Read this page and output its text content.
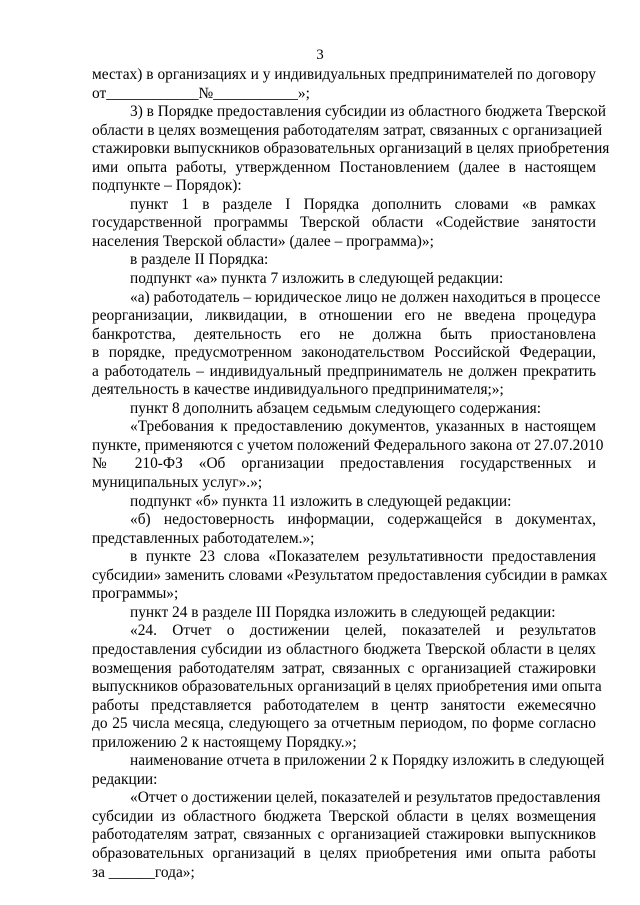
3
местах) в организациях и у индивидуальных предпринимателей по договору
от____________№___________»;
3) в Порядке предоставления субсидии из областного бюджета Тверской
области в целях возмещения работодателям затрат, связанных с организацией
стажировки выпускников образовательных организаций в целях приобретения
ими опыта работы, утвержденном Постановлением (далее в настоящем
подпункте – Порядок):
пункт 1 в разделе I Порядка дополнить словами «в рамках
государственной программы Тверской области «Содействие занятости
населения Тверской области» (далее – программа)»;
в разделе II Порядка:
подпункт «а» пункта 7 изложить в следующей редакции:
«а) работодатель – юридическое лицо не должен находиться в процессе
реорганизации, ликвидации, в отношении его не введена процедура
банкротства, деятельность его не должна быть приостановлена
в порядке, предусмотренном законодательством Российской Федерации,
а работодатель – индивидуальный предприниматель не должен прекратить
деятельность в качестве индивидуального предпринимателя;»;
пункт 8 дополнить абзацем седьмым следующего содержания:
«Требования к предоставлению документов, указанных в настоящем
пункте, применяются с учетом положений Федерального закона от 27.07.2010
№ 210-ФЗ «Об организации предоставления государственных и
муниципальных услуг».»;
подпункт «б» пункта 11 изложить в следующей редакции:
«б) недостоверность информации, содержащейся в документах,
представленных работодателем.»;
в пункте 23 слова «Показателем результативности предоставления
субсидии» заменить словами «Результатом предоставления субсидии в рамках
программы»;
пункт 24 в разделе III Порядка изложить в следующей редакции:
«24. Отчет о достижении целей, показателей и результатов
предоставления субсидии из областного бюджета Тверской области в целях
возмещения работодателям затрат, связанных с организацией стажировки
выпускников образовательных организаций в целях приобретения ими опыта
работы представляется работодателем в центр занятости ежемесячно
до 25 числа месяца, следующего за отчетным периодом, по форме согласно
приложению 2 к настоящему Порядку.»;
наименование отчета в приложении 2 к Порядку изложить в следующей
редакции:
«Отчет о достижении целей, показателей и результатов предоставления
субсидии из областного бюджета Тверской области в целях возмещения
работодателям затрат, связанных с организацией стажировки выпускников
образовательных организаций в целях приобретения ими опыта работы
за ______года»;
